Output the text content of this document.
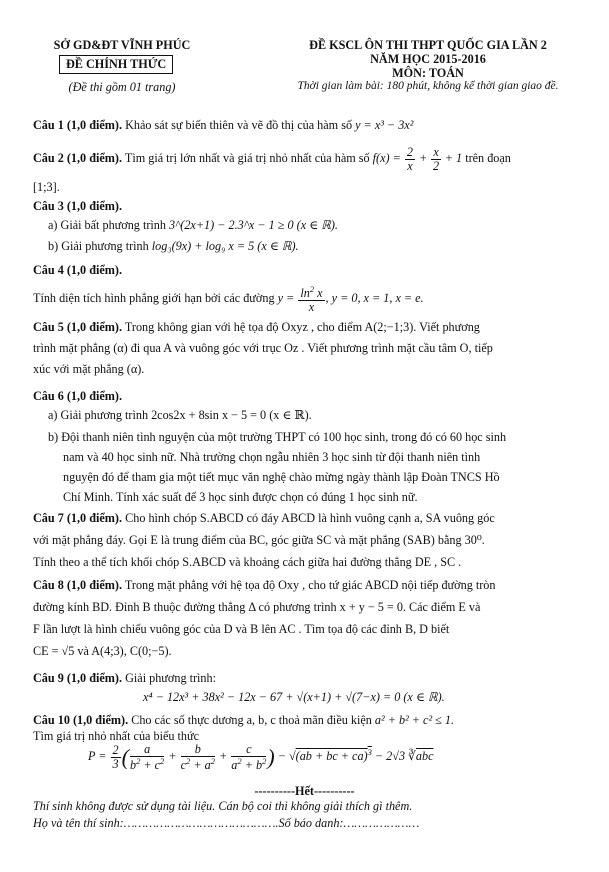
SỞ GD&ĐT VĨNH PHÚC
ĐỀ CHÍNH THỨC
(Đề thi gồm 01 trang)
ĐỀ KSCL ÔN THI THPT QUỐC GIA LẦN 2
NĂM HỌC 2015-2016
MÔN: TOÁN
Thời gian làm bài: 180 phút, không kể thời gian giao đề.
Câu 1 (1,0 điểm). Khảo sát sự biến thiên và vẽ đồ thị của hàm số y = x³ − 3x²
Câu 2 (1,0 điểm). Tìm giá trị lớn nhất và giá trị nhỏ nhất của hàm số $f(x) = \frac{2}{x} + \frac{x}{2} + 1$ trên đoạn
[1;3].
Câu 3 (1,0 điểm).
a) Giải bất phương trình 3^(2x+1) − 2.3^x − 1 ≥ 0 (x ∈ ℝ).
b) Giải phương trình log₃(9x) + log₉ x = 5 (x ∈ ℝ).
Câu 4 (1,0 điểm).
Tính diện tích hình phẳng giới hạn bởi các đường $y = \frac{\ln^2 x}{x}$ , y = 0, x = 1, x = e.
Câu 5 (1,0 điểm). Trong không gian với hệ tọa độ Oxyz , cho điểm A(2;−1;3). Viết phương
trình mặt phẳng (α) đi qua A và vuông góc với trục Oz . Viết phương trình mặt cầu tâm O, tiếp
xúc với mặt phẳng (α).
Câu 6 (1,0 điểm).
a) Giải phương trình 2cos2x + 8sin x − 5 = 0 (x ∈ ℝ).
b) Đội thanh niên tình nguyện của một trường THPT có 100 học sinh, trong đó có 60 học sinh
nam và 40 học sinh nữ. Nhà trường chọn ngẫu nhiên 3 học sinh từ đội thanh niên tình
nguyện đó để tham gia một tiết mục văn nghệ chào mừng ngày thành lập Đoàn TNCS Hồ
Chí Minh. Tính xác suất để 3 học sinh được chọn có đúng 1 học sinh nữ.
Câu 7 (1,0 điểm). Cho hình chóp S.ABCD có đáy ABCD là hình vuông cạnh a, SA vuông góc
với mặt phẳng đáy. Gọi E là trung điểm của BC, góc giữa SC và mặt phẳng (SAB) bằng 30⁰.
Tính theo a thể tích khối chóp S.ABCD và khoảng cách giữa hai đường thẳng DE , SC .
Câu 8 (1,0 điểm). Trong mặt phẳng với hệ tọa độ Oxy , cho tứ giác ABCD nội tiếp đường tròn
đường kính BD. Đỉnh B thuộc đường thẳng Δ có phương trình x + y − 5 = 0. Các điểm E và
F lần lượt là hình chiếu vuông góc của D và B lên AC . Tìm tọa độ các đỉnh B, D biết
CE = √5 và A(4;3), C(0;−5).
Câu 9 (1,0 điểm). Giải phương trình:
x⁴ − 12x³ + 38x² − 12x − 67 + √(x+1) + √(7−x) = 0 (x ∈ ℝ).
Câu 10 (1,0 điểm). Cho các số thực dương a, b, c thoả mãn điều kiện a² + b² + c² ≤ 1.
Tìm giá trị nhỏ nhất của biểu thức
$P = \frac{2}{3}$ ( $\frac{a}{b^2 + c^2} + \frac{b}{c^2 + a^2} + \frac{c}{a^2 + b^2}$ ) − √(ab + bc + ca)$^3$ − 2√3 $∛\overline{abc}$
----------Hết----------
Thí sinh không được sử dụng tài liệu. Cán bộ coi thi không giải thích gì thêm.
Họ và tên thí sinh:…………………………………….Số báo danh:…………………
